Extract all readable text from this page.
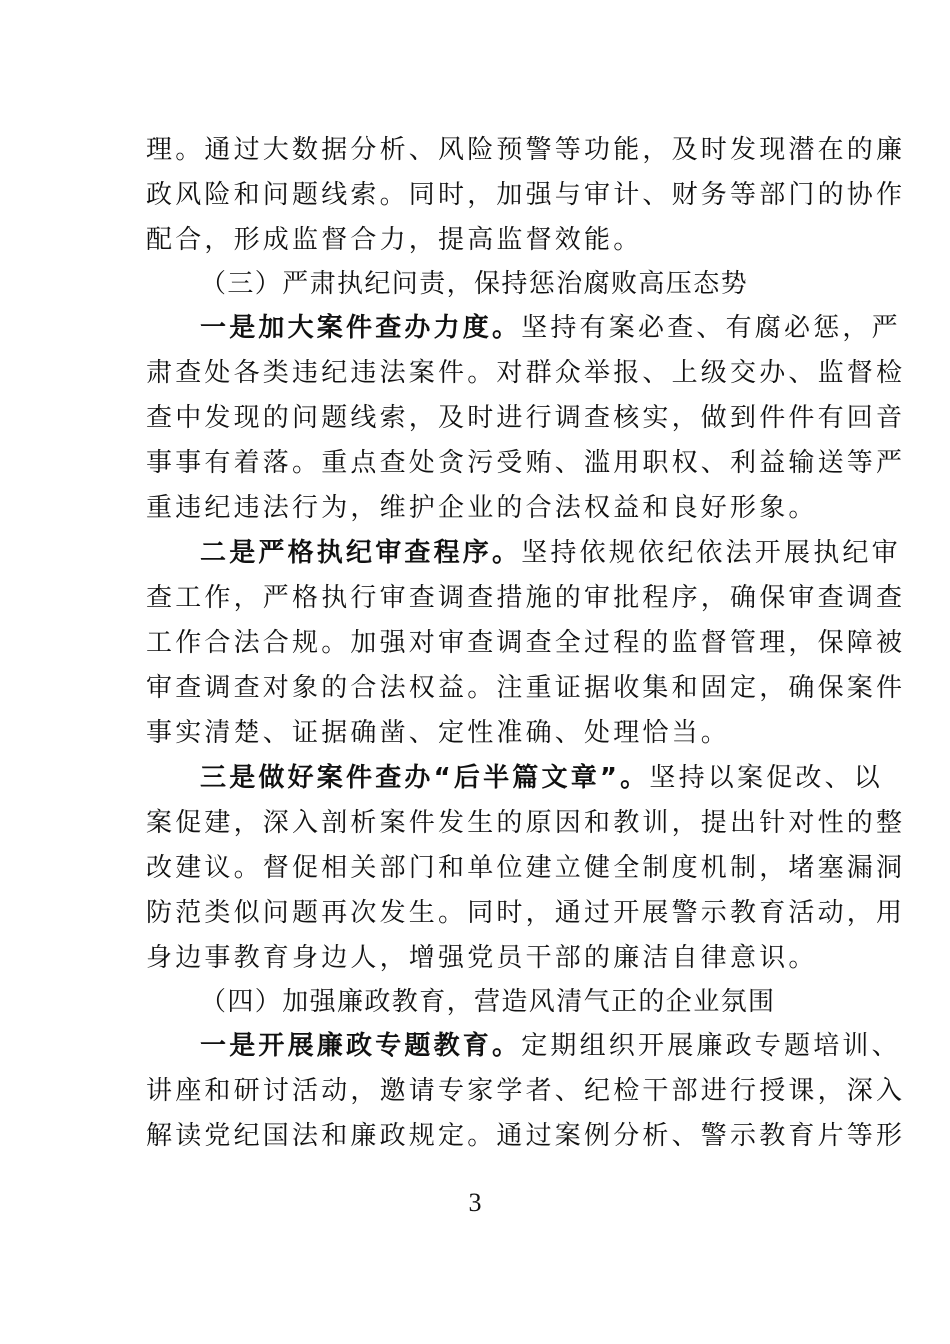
理。通过大数据分析、风险预警等功能，及时发现潜在的廉
政风险和问题线索。同时，加强与审计、财务等部门的协作
配合，形成监督合力，提高监督效能。
（三）严肃执纪问责，保持惩治腐败高压态势
一是加大案件查办力度。坚持有案必查、有腐必惩，严
肃查处各类违纪违法案件。对群众举报、上级交办、监督检
查中发现的问题线索，及时进行调查核实，做到件件有回音
事事有着落。重点查处贪污受贿、滥用职权、利益输送等严
重违纪违法行为，维护企业的合法权益和良好形象。
二是严格执纪审查程序。坚持依规依纪依法开展执纪审
查工作，严格执行审查调查措施的审批程序，确保审查调查
工作合法合规。加强对审查调查全过程的监督管理，保障被
审查调查对象的合法权益。注重证据收集和固定，确保案件
事实清楚、证据确凿、定性准确、处理恰当。
三是做好案件查办“后半篇文章”。坚持以案促改、以
案促建，深入剖析案件发生的原因和教训，提出针对性的整
改建议。督促相关部门和单位建立健全制度机制，堵塞漏洞
防范类似问题再次发生。同时，通过开展警示教育活动，用
身边事教育身边人，增强党员干部的廉洁自律意识。
（四）加强廉政教育，营造风清气正的企业氛围
一是开展廉政专题教育。定期组织开展廉政专题培训、
讲座和研讨活动，邀请专家学者、纪检干部进行授课，深入
解读党纪国法和廉政规定。通过案例分析、警示教育片等形
3
